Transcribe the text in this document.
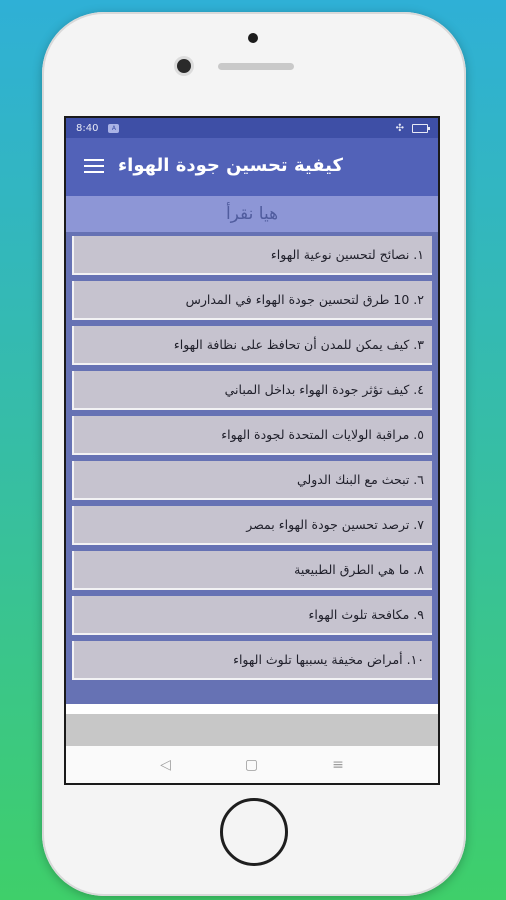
8:40	A	✣
كيفية تحسين جودة الهواء
هيا نقرأ
١. نصائح لتحسين نوعية الهواء
٢. 10 طرق لتحسين جودة الهواء في المدارس
٣. كيف يمكن للمدن أن تحافظ على نظافة الهواء
٤. كيف تؤثر جودة الهواء بداخل المباني
٥. مراقبة الولايات المتحدة لجودة الهواء
٦. تبحث مع البنك الدولي
٧. ترصد تحسين جودة الهواء بمصر
٨. ما هي الطرق الطبيعية
٩. مكافحة تلوث الهواء
١٠. أمراض مخيفة يسببها تلوث الهواء
◁	▢	≡
